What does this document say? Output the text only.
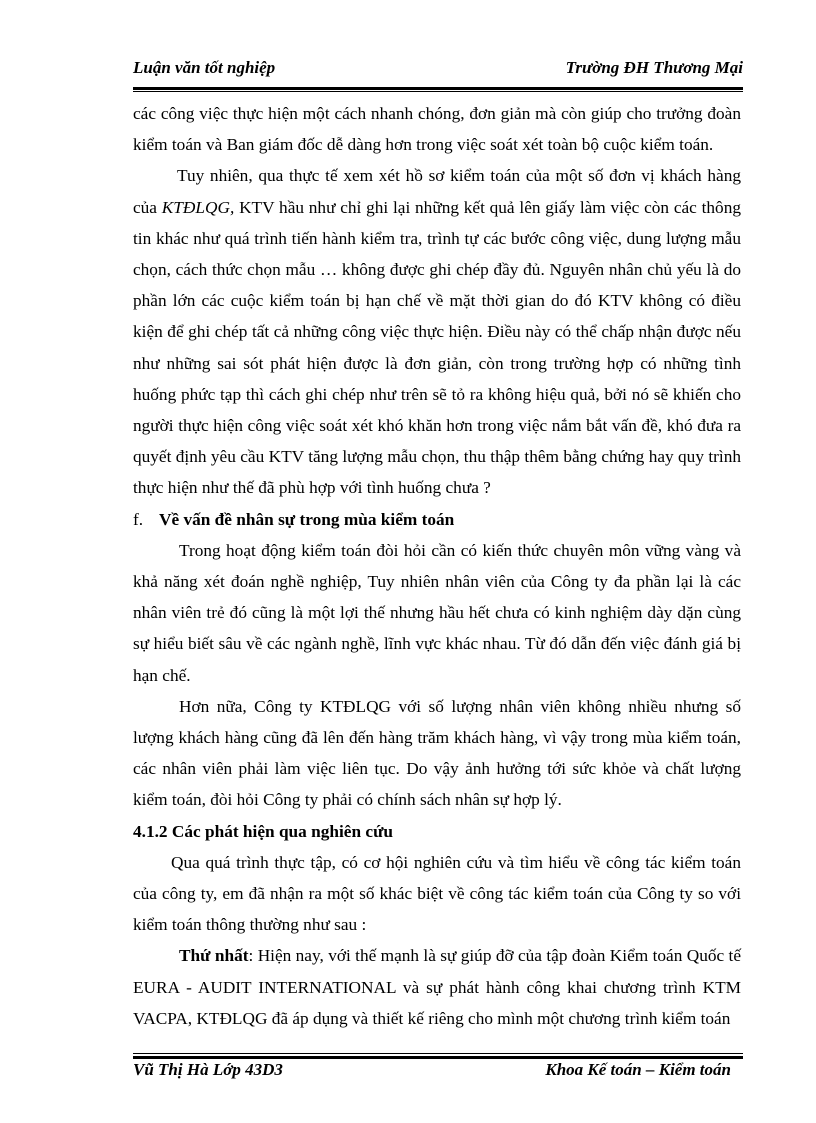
Luận văn tốt nghiệp	Trường ĐH Thương Mại

các công việc thực hiện một cách nhanh chóng, đơn giản mà còn giúp cho trưởng đoàn kiểm toán và Ban giám đốc dễ dàng hơn trong việc soát xét toàn bộ cuộc kiểm toán.

Tuy nhiên, qua thực tế xem xét hồ sơ kiểm toán của một số đơn vị khách hàng của KTĐLQG, KTV hầu như chỉ ghi lại những kết quả lên giấy làm việc còn các thông tin khác như quá trình tiến hành kiểm tra, trình tự các bước công việc, dung lượng mẫu chọn, cách thức chọn mẫu … không được ghi chép đầy đủ. Nguyên nhân chủ yếu là do phần lớn các cuộc kiểm toán bị hạn chế về mặt thời gian do đó KTV không có điều kiện để ghi chép tất cả những công việc thực hiện. Điều này có thể chấp nhận được nếu như những sai sót phát hiện được là đơn giản, còn trong trường hợp có những tình huống phức tạp thì cách ghi chép như trên sẽ tỏ ra không hiệu quả, bởi nó sẽ khiến cho người thực hiện công việc soát xét khó khăn hơn trong việc nắm bắt vấn đề, khó đưa ra quyết định yêu cầu KTV tăng lượng mẫu chọn, thu thập thêm bằng chứng hay quy trình thực hiện như thế đã phù hợp với tình huống chưa ?

f. Về vấn đề nhân sự trong mùa kiểm toán

Trong hoạt động kiểm toán đòi hỏi cần có kiến thức chuyên môn vững vàng và khả năng xét đoán nghề nghiệp, Tuy nhiên nhân viên của Công ty đa phần lại là các nhân viên trẻ đó cũng là một lợi thế nhưng hầu hết chưa có kinh nghiệm dày dặn cùng sự hiểu biết sâu về các ngành nghề, lĩnh vực khác nhau. Từ đó dẫn đến việc đánh giá bị hạn chế.

Hơn nữa, Công ty KTĐLQG với số lượng nhân viên không nhiều nhưng số lượng khách hàng cũng đã lên đến hàng trăm khách hàng, vì vậy trong mùa kiểm toán, các nhân viên phải làm việc liên tục. Do vậy ảnh hưởng tới sức khỏe và chất lượng kiểm toán, đòi hỏi Công ty phải có chính sách nhân sự hợp lý.

4.1.2 Các phát hiện qua nghiên cứu

Qua quá trình thực tập, có cơ hội nghiên cứu và tìm hiểu về công tác kiểm toán của công ty, em đã nhận ra một số khác biệt về công tác kiểm toán của Công ty so với kiểm toán thông thường như sau :

Thứ nhất: Hiện nay, với thế mạnh là sự giúp đỡ của tập đoàn Kiểm toán Quốc tế EURA - AUDIT INTERNATIONAL và sự phát hành công khai chương trình KTM VACPA, KTĐLQG đã áp dụng và thiết kế riêng cho mình một chương trình kiểm toán

Vũ Thị Hà Lớp 43D3	Khoa Kế toán – Kiểm toán
